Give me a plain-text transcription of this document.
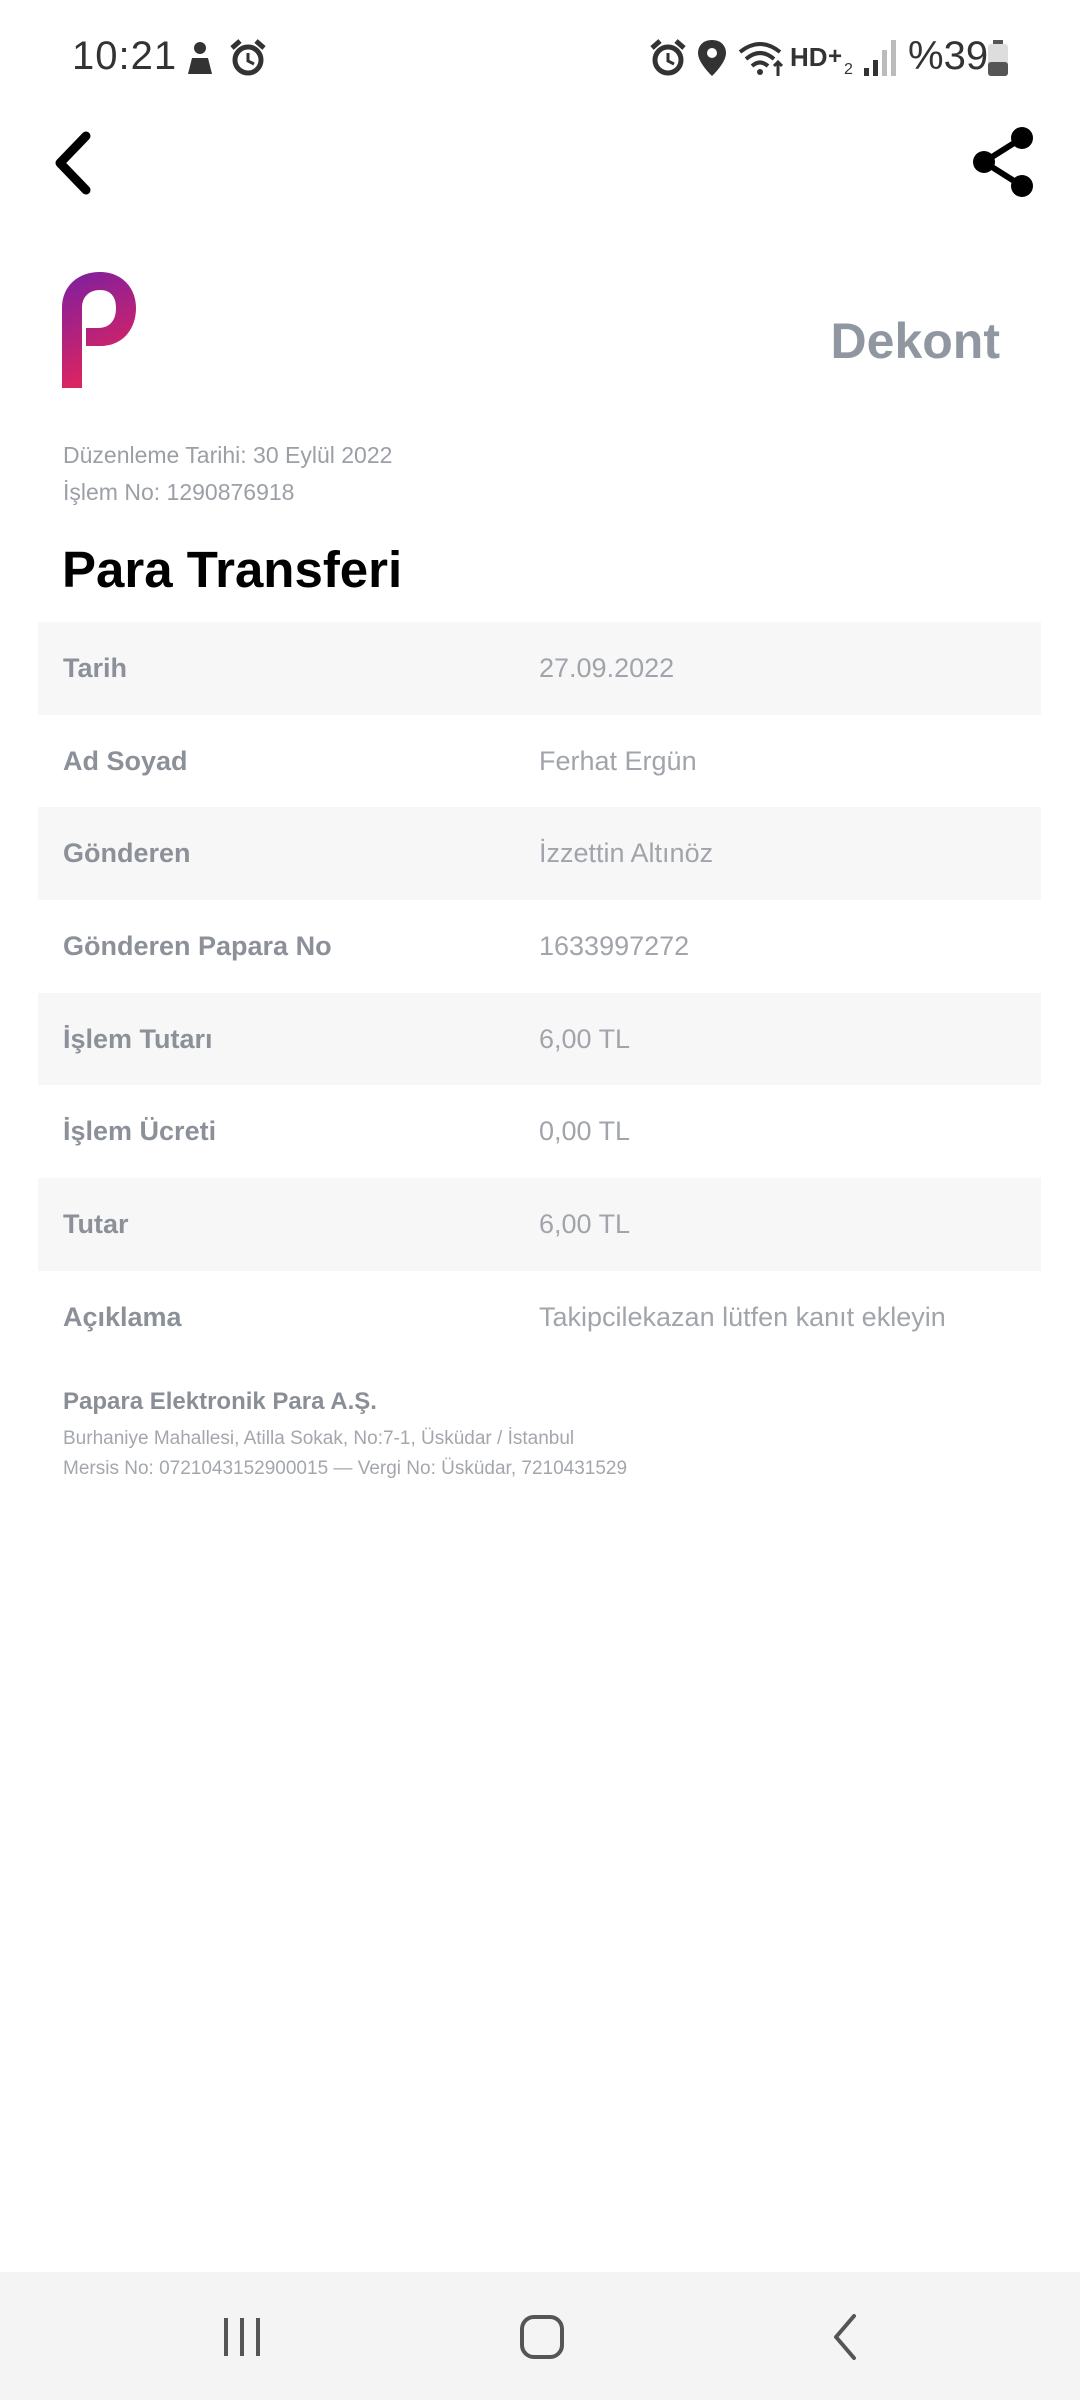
10:21	HD + 2 %39
Dekont
Düzenleme Tarihi: 30 Eylül 2022
İşlem No: 1290876918
Para Transferi
Tarih	27.09.2022
Ad Soyad	Ferhat Ergün
Gönderen	İzzettin Altınöz
Gönderen Papara No	1633997272
İşlem Tutarı	6,00 TL
İşlem Ücreti	0,00 TL
Tutar	6,00 TL
Açıklama	Takipcilekazan lütfen kanıt ekleyin
Papara Elektronik Para A.Ş.
Burhaniye Mahallesi, Atilla Sokak, No:7-1, Üsküdar / İstanbul
Mersis No: 0721043152900015 — Vergi No: Üsküdar, 7210431529
